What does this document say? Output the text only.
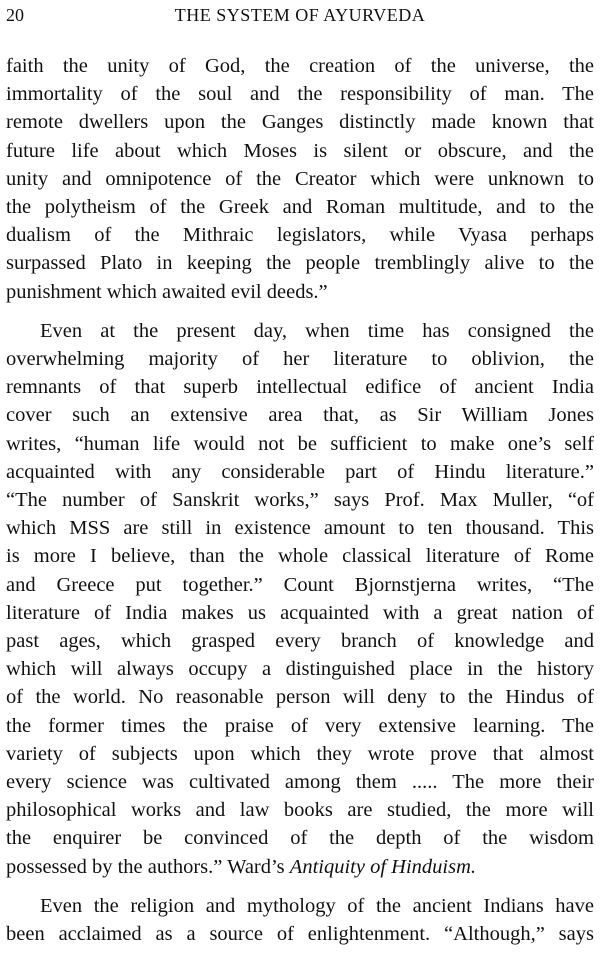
20	THE SYSTEM OF AYURVEDA

faith the unity of God, the creation of the universe, the
immortality of the soul and the responsibility of man. The
remote dwellers upon the Ganges distinctly made known that
future life about which Moses is silent or obscure, and the
unity and omnipotence of the Creator which were unknown to
the polytheism of the Greek and Roman multitude, and to the
dualism of the Mithraic legislators, while Vyasa perhaps
surpassed Plato in keeping the people tremblingly alive to the
punishment which awaited evil deeds.”

Even at the present day, when time has consigned the
overwhelming majority of her literature to oblivion, the
remnants of that superb intellectual edifice of ancient India
cover such an extensive area that, as Sir William Jones
writes, “human life would not be sufficient to make one’s self
acquainted with any considerable part of Hindu literature.”
“The number of Sanskrit works,” says Prof. Max Muller, “of
which MSS are still in existence amount to ten thousand. This
is more I believe, than the whole classical literature of Rome
and Greece put together.” Count Bjornstjerna writes, “The
literature of India makes us acquainted with a great nation of
past ages, which grasped every branch of knowledge and
which will always occupy a distinguished place in the history
of the world. No reasonable person will deny to the Hindus of
the former times the praise of very extensive learning. The
variety of subjects upon which they wrote prove that almost
every science was cultivated among them ..... The more their
philosophical works and law books are studied, the more will
the enquirer be convinced of the depth of the wisdom
possessed by the authors.” Ward’s Antiquity of Hinduism.

Even the religion and mythology of the ancient Indians have
been acclaimed as a source of enlightenment. “Although,” says
